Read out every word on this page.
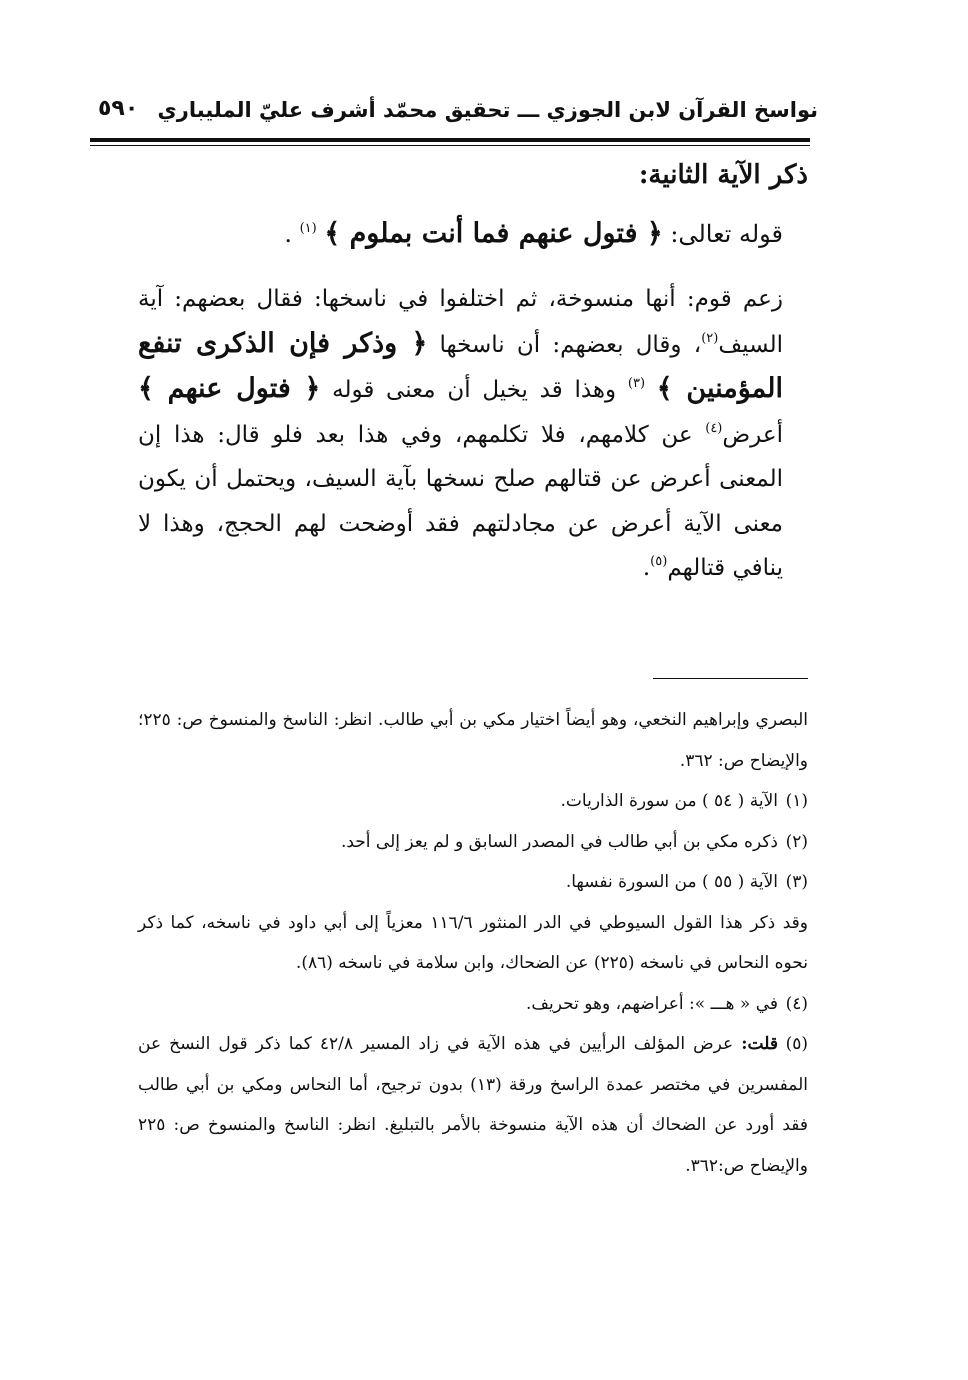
نواسخ القرآن لابن الجوزي ـــ تحقيق محمّد أشرف عليّ المليباري
٥٩٠
ذكر الآية الثانية:
قوله تعالى: ﴿ فتول عنهم فما أنت بملوم ﴾ $^{(١)}$ .

زعم قوم: أنها منسوخة، ثم اختلفوا في ناسخها: فقال بعضهم: آية السيف$^{(٢)}$، وقال بعضهم: أن ناسخها ﴿ وذكر فإن الذكرى تنفع المؤمنين ﴾ $^{(٣)}$ وهذا قد يخيل أن معنى قوله ﴿ فتول عنهم ﴾ أعرض$^{(٤)}$ عن كلامهم، فلا تكلمهم، وفي هذا بعد فلو قال: هذا إن المعنى أعرض عن قتالهم صلح نسخها بآية السيف، ويحتمل أن يكون معنى الآية أعرض عن مجادلتهم فقد أوضحت لهم الحجج، وهذا لا ينافي قتالهم$^{(٥)}$.

البصري وإبراهيم النخعي، وهو أيضاً اختيار مكي بن أبي طالب. انظر: الناسخ والمنسوخ ص: ٢٢٥؛ والإيضاح ص: ٣٦٢.

(١)الآية ( ٥٤ ) من سورة الذاريات.

(٢)ذكره مكي بن أبي طالب في المصدر السابق و لم يعز إلى أحد.

(٣)الآية ( ٥٥ ) من السورة نفسها.

وقد ذكر هذا القول السيوطي في الدر المنثور ١١٦/٦ معزياً إلى أبي داود في ناسخه، كما ذكر نحوه النحاس في ناسخه (٢٢٥) عن الضحاك، وابن سلامة في ناسخه (٨٦).

(٤)في « هـــ »: أعراضهم، وهو تحريف.

(٥)قلت: عرض المؤلف الرأيين في هذه الآية في زاد المسير ٤٢/٨ كما ذكر قول النسخ عن المفسرين في مختصر عمدة الراسخ ورقة (١٣) بدون ترجيح، أما النحاس ومكي بن أبي طالب فقد أورد عن الضحاك أن هذه الآية منسوخة بالأمر بالتبليغ. انظر: الناسخ والمنسوخ ص: ٢٢٥ والإيضاح ص:٣٦٢.
